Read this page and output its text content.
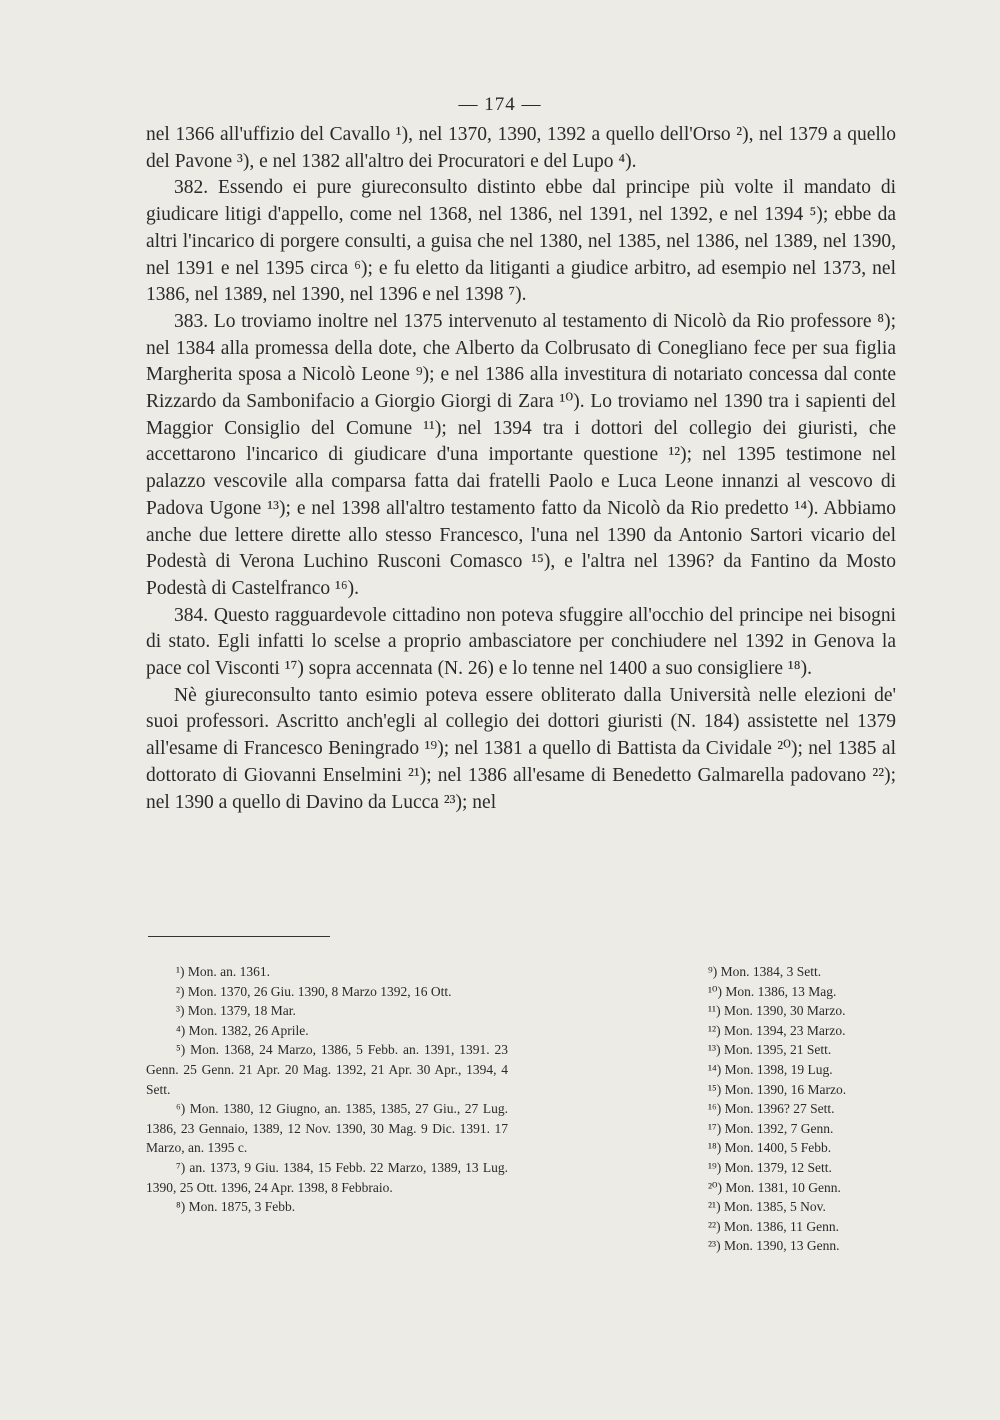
— 174 —

nel 1366 all'uffizio del Cavallo ¹), nel 1370, 1390, 1392 a quello dell'Orso ²), nel 1379 a quello del Pavone ³), e nel 1382 all'altro dei Procuratori e del Lupo ⁴).

382. Essendo ei pure giureconsulto distinto ebbe dal principe più volte il mandato di giudicare litigi d'appello, come nel 1368, nel 1386, nel 1391, nel 1392, e nel 1394 ⁵); ebbe da altri l'incarico di porgere consulti, a guisa che nel 1380, nel 1385, nel 1386, nel 1389, nel 1390, nel 1391 e nel 1395 circa ⁶); e fu eletto da litiganti a giudice arbitro, ad esempio nel 1373, nel 1386, nel 1389, nel 1390, nel 1396 e nel 1398 ⁷).

383. Lo troviamo inoltre nel 1375 intervenuto al testamento di Nicolò da Rio professore ⁸); nel 1384 alla promessa della dote, che Alberto da Colbrusato di Conegliano fece per sua figlia Margherita sposa a Nicolò Leone ⁹); e nel 1386 alla investitura di notariato concessa dal conte Rizzardo da Sambonifacio a Giorgio Giorgi di Zara ¹⁰). Lo troviamo nel 1390 tra i sapienti del Maggior Consiglio del Comune ¹¹); nel 1394 tra i dottori del collegio dei giuristi, che accettarono l'incarico di giudicare d'una importante questione ¹²); nel 1395 testimone nel palazzo vescovile alla comparsa fatta dai fratelli Paolo e Luca Leone innanzi al vescovo di Padova Ugone ¹³); e nel 1398 all'altro testamento fatto da Nicolò da Rio predetto ¹⁴). Abbiamo anche due lettere dirette allo stesso Francesco, l'una nel 1390 da Antonio Sartori vicario del Podestà di Verona Luchino Rusconi Comasco ¹⁵), e l'altra nel 1396? da Fantino da Mosto Podestà di Castelfranco ¹⁶).

384. Questo ragguardevole cittadino non poteva sfuggire all'occhio del principe nei bisogni di stato. Egli infatti lo scelse a proprio ambasciatore per conchiudere nel 1392 in Genova la pace col Visconti ¹⁷) sopra accennata (N. 26) e lo tenne nel 1400 a suo consigliere ¹⁸).

Nè giureconsulto tanto esimio poteva essere obliterato dalla Università nelle elezioni de' suoi professori. Ascritto anch'egli al collegio dei dottori giuristi (N. 184) assistette nel 1379 all'esame di Francesco Beningrado ¹⁹); nel 1381 a quello di Battista da Cividale ²⁰); nel 1385 al dottorato di Giovanni Enselmini ²¹); nel 1386 all'esame di Benedetto Galmarella padovano ²²); nel 1390 a quello di Davino da Lucca ²³); nel

¹) Mon. an. 1361.

²) Mon. 1370, 26 Giu. 1390, 8 Marzo 1392, 16 Ott.

³) Mon. 1379, 18 Mar.

⁴) Mon. 1382, 26 Aprile.

⁵) Mon. 1368, 24 Marzo, 1386, 5 Febb. an. 1391, 1391. 23 Genn. 25 Genn. 21 Apr. 20 Mag. 1392, 21 Apr. 30 Apr., 1394, 4 Sett.

⁶) Mon. 1380, 12 Giugno, an. 1385, 1385, 27 Giu., 27 Lug. 1386, 23 Gennaio, 1389, 12 Nov. 1390, 30 Mag. 9 Dic. 1391. 17 Marzo, an. 1395 c.

⁷) an. 1373, 9 Giu. 1384, 15 Febb. 22 Marzo, 1389, 13 Lug. 1390, 25 Ott. 1396, 24 Apr. 1398, 8 Febbraio.

⁸) Mon. 1875, 3 Febb.

⁹) Mon. 1384, 3 Sett.

¹⁰) Mon. 1386, 13 Mag.

¹¹) Mon. 1390, 30 Marzo.

¹²) Mon. 1394, 23 Marzo.

¹³) Mon. 1395, 21 Sett.

¹⁴) Mon. 1398, 19 Lug.

¹⁵) Mon. 1390, 16 Marzo.

¹⁶) Mon. 1396? 27 Sett.

¹⁷) Mon. 1392, 7 Genn.

¹⁸) Mon. 1400, 5 Febb.

¹⁹) Mon. 1379, 12 Sett.

²⁰) Mon. 1381, 10 Genn.

²¹) Mon. 1385, 5 Nov.

²²) Mon. 1386, 11 Genn.

²³) Mon. 1390, 13 Genn.
